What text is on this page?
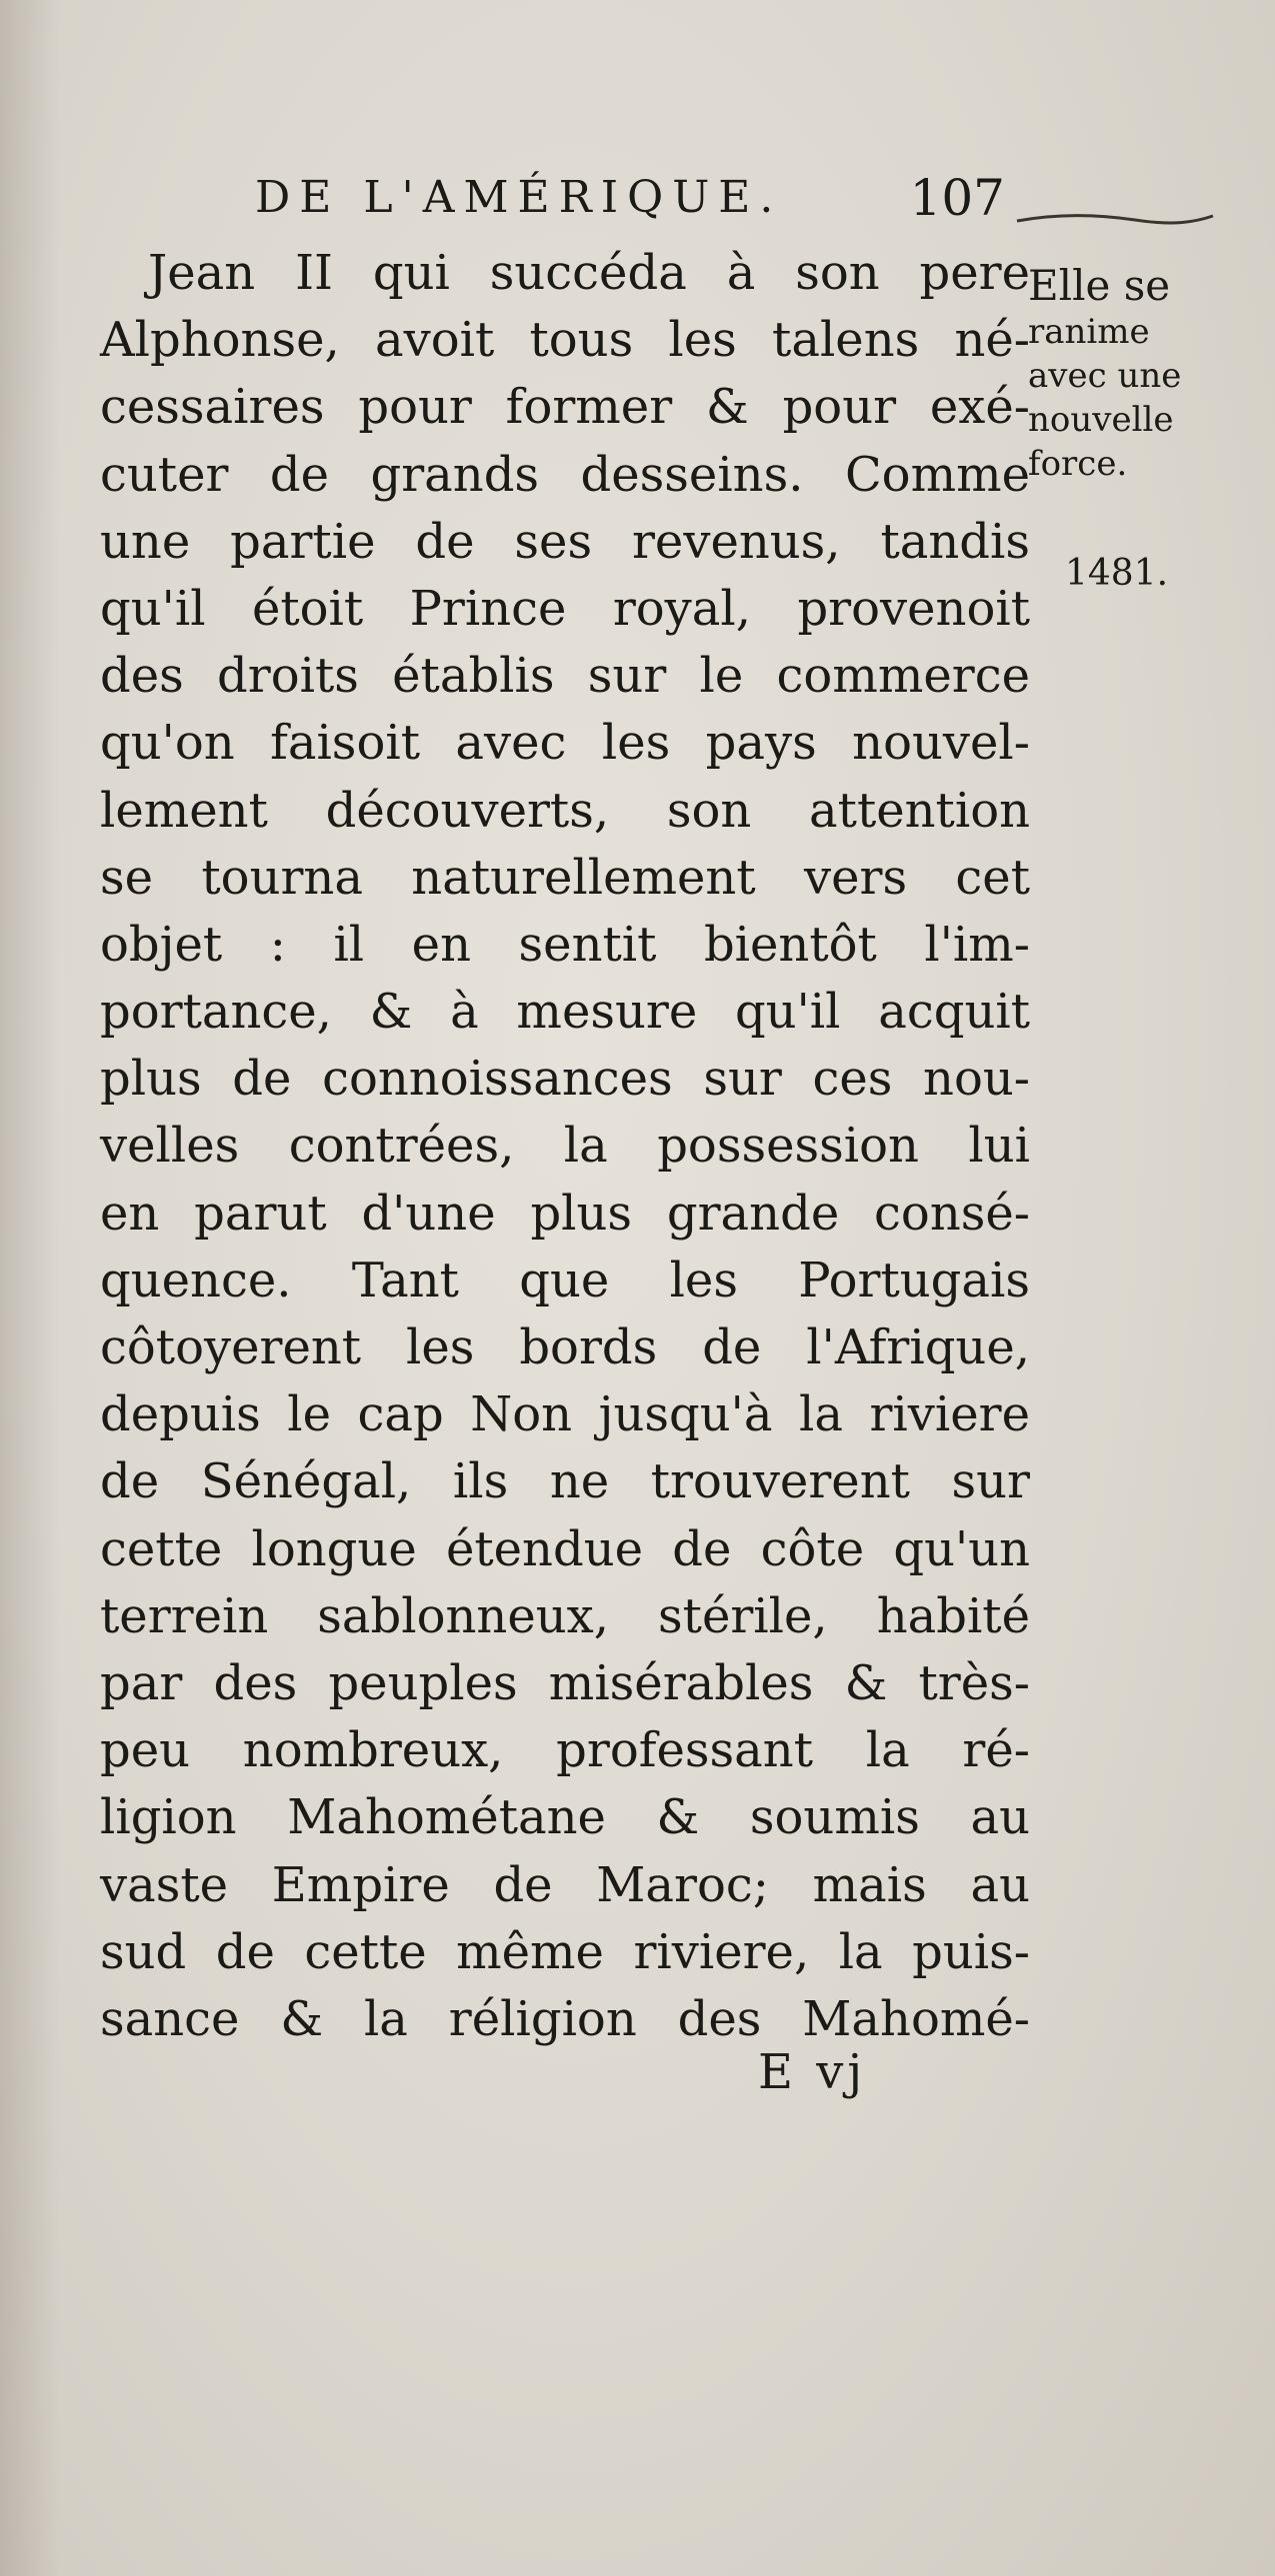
DE L'AMÉRIQUE.	107
Elle se
ranime
avec une
nouvelle
force.
1481.
Jean II qui succéda à son pere
Alphonse, avoit tous les talens né-
cessaires pour former & pour exé-
cuter de grands desseins. Comme
une partie de ses revenus, tandis
qu'il étoit Prince royal, provenoit
des droits établis sur le commerce
qu'on faisoit avec les pays nouvel-
lement découverts, son attention
se tourna naturellement vers cet
objet : il en sentit bientôt l'im-
portance, & à mesure qu'il acquit
plus de connoissances sur ces nou-
velles contrées, la possession lui
en parut d'une plus grande consé-
quence. Tant que les Portugais
côtoyerent les bords de l'Afrique,
depuis le cap Non jusqu'à la riviere
de Sénégal, ils ne trouverent sur
cette longue étendue de côte qu'un
terrein sablonneux, stérile, habité
par des peuples misérables & très-
peu nombreux, professant la ré-
ligion Mahométane & soumis au
vaste Empire de Maroc; mais au
sud de cette même riviere, la puis-
sance & la réligion des Mahomé-
E vj
